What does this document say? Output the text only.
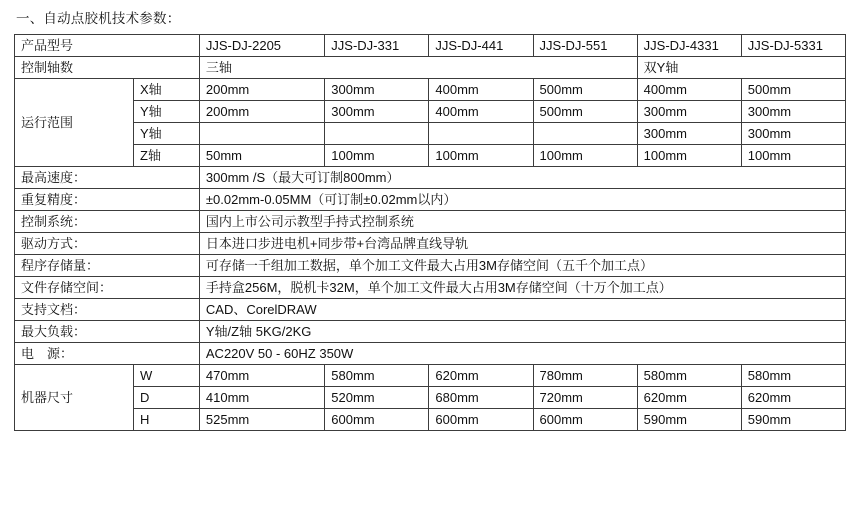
一、自动点胶机技术参数：
产品型号		JJS-DJ-2205	JJS-DJ-331	JJS-DJ-441	JJS-DJ-551	JJS-DJ-4331	JJS-DJ-5331
控制轴数		三轴				双Y轴	
运行范围	X轴	200mm	300mm	400mm	500mm	400mm	500mm
	Y轴	200mm	300mm	400mm	500mm	300mm	300mm
	Y轴					300mm	300mm
	Z轴	50mm	100mm	100mm	100mm	100mm	100mm
最高速度：		300mm /S（最大可订制800mm）					
重复精度：		±0.02mm-0.05MM（可订制±0.02mm以内）					
控制系统：		国内上市公司示教型手持式控制系统					
驱动方式：		日本进口步进电机+同步带+台湾品牌直线导轨					
程序存储量：		可存储一千组加工数据，单个加工文件最大占用3M存储空间（五千个加工点）					
文件存储空间：		手持盒256M，脱机卡32M，单个加工文件最大占用3M存储空间（十万个加工点）					
支持文档：		CAD、CorelDRAW					
最大负载：		Y轴/Z轴 5KG/2KG					
电　源：		AC220V 50 - 60HZ 350W					
机器尺寸	W	470mm	580mm	620mm	780mm	580mm	580mm
	D	410mm	520mm	680mm	720mm	620mm	620mm
	H	525mm	600mm	600mm	600mm	590mm	590mm
